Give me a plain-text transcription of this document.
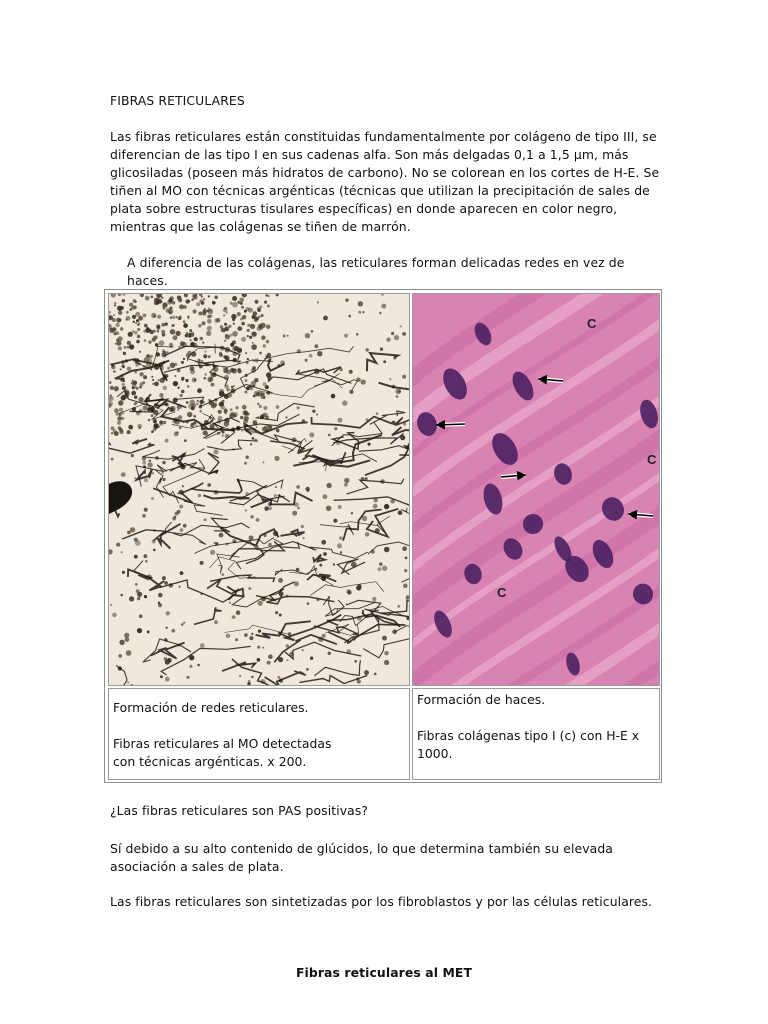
FIBRAS RETICULARES

Las fibras reticulares están constituidas fundamentalmente por colágeno de tipo III, se diferencian de las tipo I en sus cadenas alfa. Son más delgadas 0,1 a 1,5 µm, más glicosiladas (poseen más hidratos de carbono). No se colorean en los cortes de H-E. Se tiñen al MO con técnicas argénticas (técnicas que utilizan la precipitación de sales de plata sobre estructuras tisulares específicas) en donde aparecen en color negro, mientras que las colágenas se tiñen de marrón.

A diferencia de las colágenas, las reticulares forman delicadas redes en vez de haces.

C
C
C

Formación de redes reticulares.

Fibras reticulares al MO detectadas con técnicas argénticas. x 200.

Formación de haces.

Fibras colágenas tipo I (c) con H-E x 1000.

¿Las fibras reticulares son PAS positivas?

Sí debido a su alto contenido de glúcidos, lo que determina también su elevada asociación a sales de plata.

Las fibras reticulares son sintetizadas por los fibroblastos y por las células reticulares.

Fibras reticulares al MET
